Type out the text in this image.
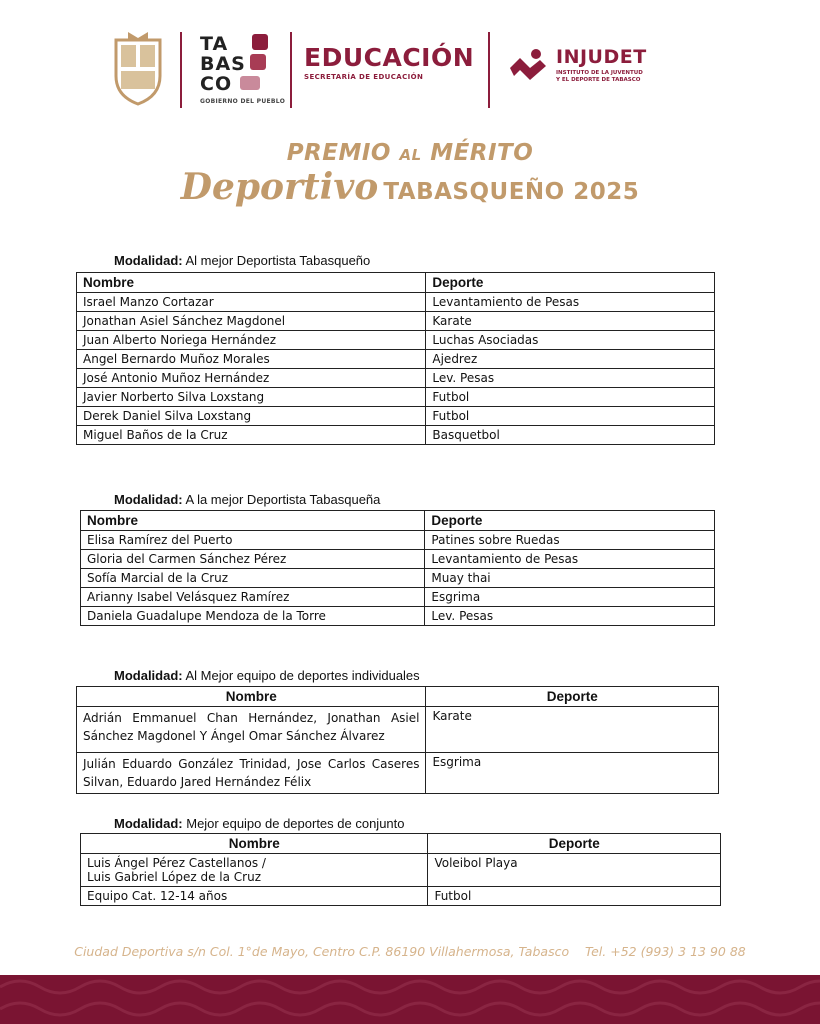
TA
BAS
CO
GOBIERNO DEL PUEBLO
EDUCACIÓN
SECRETARÍA DE EDUCACIÓN
INJUDET
INSTITUTO DE LA JUVENTUD
Y EL DEPORTE DE TABASCO
PREMIO AL MÉRITO
Deportivo TABASQUEÑO 2025
Modalidad: Al mejor Deportista Tabasqueño
Nombre	Deporte
Israel Manzo Cortazar	Levantamiento de Pesas
Jonathan Asiel Sánchez Magdonel	Karate
Juan Alberto Noriega Hernández	Luchas Asociadas
Angel Bernardo Muñoz Morales	Ajedrez
José Antonio Muñoz Hernández	Lev. Pesas
Javier Norberto Silva Loxstang	Futbol
Derek Daniel Silva Loxstang	Futbol
Miguel Baños de la Cruz	Basquetbol
Modalidad: A la mejor Deportista Tabasqueña
Nombre	Deporte
Elisa Ramírez del Puerto	Patines sobre Ruedas
Gloria del Carmen Sánchez Pérez	Levantamiento de Pesas
Sofía Marcial de la Cruz	Muay thai
Arianny Isabel Velásquez Ramírez	Esgrima
Daniela Guadalupe Mendoza de la Torre	Lev. Pesas
Modalidad: Al Mejor equipo de deportes individuales
Nombre	Deporte
Adrián Emmanuel Chan Hernández, Jonathan Asiel Sánchez Magdonel Y Ángel Omar Sánchez Álvarez	Karate
Julián Eduardo González Trinidad, Jose Carlos Caseres Silvan, Eduardo Jared Hernández Félix	Esgrima
Modalidad: Mejor equipo de deportes de conjunto
Nombre	Deporte

Luis Ángel Pérez Castellanos /
Luis Gabriel López de la Cruz	Voleibol Playa
Equipo Cat. 12-14 años	Futbol
Ciudad Deportiva s/n Col. 1°de Mayo, Centro C.P. 86190 Villahermosa, Tabasco Tel. +52 (993) 3 13 90 88
